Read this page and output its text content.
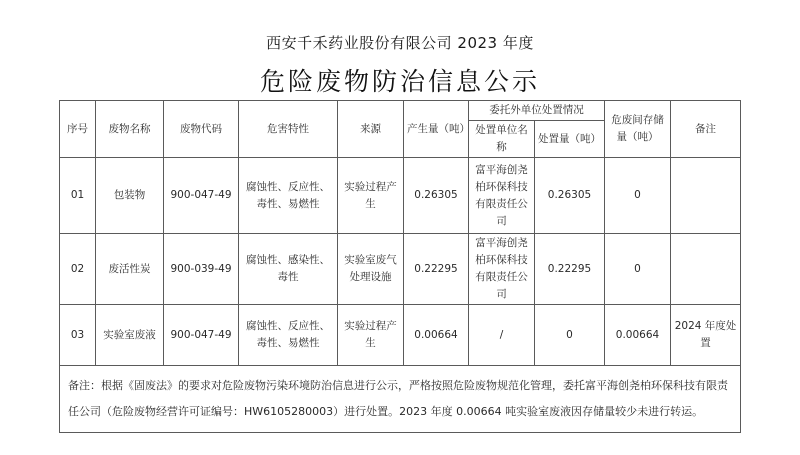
西安千禾药业股份有限公司 2023 年度
危险废物防治信息公示
序号	废物名称	废物代码	危害特性	来源	产生量（吨）	委托外单位处置情况		危废间存储量（吨）	备注
						处置单位名称	处置量（吨）		
01	包装物	900-047-49	腐蚀性、反应性、毒性、易燃性	实验过程产生	0.26305	富平海创尧柏环保科技有限责任公司	0.26305	0	
02	废活性炭	900-039-49	腐蚀性、感染性、毒性	实验室废气处理设施	0.22295	富平海创尧柏环保科技有限责任公司	0.22295	0	
03	实验室废液	900-047-49	腐蚀性、反应性、毒性、易燃性	实验过程产生	0.00664	/	0	0.00664	2024 年度处置
备注：根据《固废法》的要求对危险废物污染环境防治信息进行公示，严格按照危险废物规范化管理，委托富平海创尧柏环保科技有限责任公司（危险废物经营许可证编号：HW6105280003）进行处置。2023 年度 0.00664 吨实验室废液因存储量较少未进行转运。									
